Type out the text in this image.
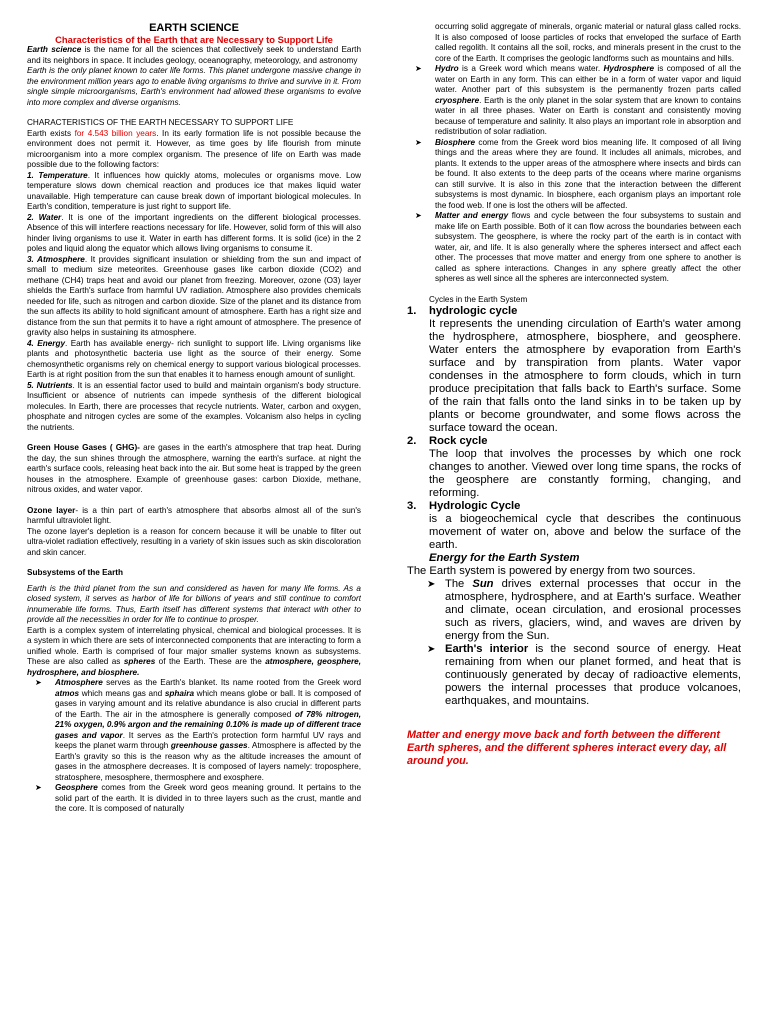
EARTH SCIENCE
Characteristics of the Earth that are Necessary to Support Life

Earth science is the name for all the sciences that collectively seek to understand Earth and its neighbors in space. It includes geology, oceanography, meteorology, and astronomy

Earth is the only planet known to cater life forms. This planet undergone massive change in the environment million years ago to enable living organisms to thrive and survive in it. From single simple microorganisms, Earth's environment had allowed these organisms to evolve into more complex and diverse organisms.

CHARACTERISTICS OF THE EARTH NECESSARY TO SUPPORT LIFE

Earth exists for 4.543 billion years. In its early formation life is not possible because the environment does not permit it. However, as time goes by life flourish from minute microorganism into a more complex organism. The presence of life on Earth was made possible due to the following factors:

1. Temperature. It influences how quickly atoms, molecules or organisms move. Low temperature slows down chemical reaction and produces ice that makes liquid water unavailable. High temperature can cause break down of important biological molecules. In Earth's condition, temperature is just right to support life.

2. Water. It is one of the important ingredients on the different biological processes. Absence of this will interfere reactions necessary for life. However, solid form of this will also hinder living organisms to use it. Water in earth has different forms. It is solid (ice) in the 2 poles and liquid along the equator which allows living organisms to consume it.

3. Atmosphere. It provides significant insulation or shielding from the sun and impact of small to medium size meteorites. Greenhouse gases like carbon dioxide (CO2) and methane (CH4) traps heat and avoid our planet from freezing. Moreover, ozone (O3) layer shields the Earth's surface from harmful UV radiation. Atmosphere also provides chemicals needed for life, such as nitrogen and carbon dioxide. Size of the planet and its distance from the sun affects its ability to hold significant amount of atmosphere. Earth has a right size and distance from the sun that permits it to have a right amount of atmosphere. The presence of gravity also helps in sustaining its atmosphere.

4. Energy. Earth has available energy- rich sunlight to support life. Living organisms like plants and photosynthetic bacteria use light as the source of their energy. Some chemosynthetic organisms rely on chemical energy to support various biological processes. Earth is at right position from the sun that enables it to harness enough amount of sunlight.

5. Nutrients. It is an essential factor used to build and maintain organism's body structure. Insufficient or absence of nutrients can impede synthesis of the different biological molecules. In Earth, there are processes that recycle nutrients. Water, carbon and oxygen, phosphate and nitrogen cycles are some of the examples. Volcanism also helps in cycling the nutrients.

Green House Gases ( GHG)- are gases in the earth's atmosphere that trap heat. During the day, the sun shines through the atmosphere, warning the earth's surface. at night the earth's surface cools, releasing heat back into the air. But some heat is trapped by the green houses in the atmosphere. Example of greenhouse gases: carbon Dioxide, methane, nitrous oxides, and water vapor.

Ozone layer- is a thin part of earth's atmosphere that absorbs almost all of the sun's harmful ultraviolet light.

The ozone layer's depletion is a reason for concern because it will be unable to filter out ultra-violet radiation effectively, resulting in a variety of skin issues such as skin discoloration and skin cancer.

Subsystems of the Earth

Earth is the third planet from the sun and considered as haven for many life forms. As a closed system, it serves as harbor of life for billions of years and still continue to comfort innumerable life forms. Thus, Earth itself has different systems that interact with other to provide all the necessities in order for life to continue to prosper.

Earth is a complex system of interrelating physical, chemical and biological processes. It is a system in which there are sets of interconnected components that are interacting to form a unified whole. Earth is comprised of four major smaller systems known as subsystems. These are also called as spheres of the Earth. These are the atmosphere, geosphere, hydrosphere, and biosphere.

➤ Atmosphere serves as the Earth's blanket. Its name rooted from the Greek word atmos which means gas and sphaira which means globe or ball. It is composed of gases in varying amount and its relative abundance is also crucial in different parts of the Earth. The air in the atmosphere is generally composed of 78% nitrogen, 21% oxygen, 0.9% argon and the remaining 0.10% is made up of different trace gases and vapor. It serves as the Earth's protection form harmful UV rays and keeps the planet warm through greenhouse gasses. Atmosphere is affected by the Earth's gravity so this is the reason why as the altitude increases the amount of gases in the atmosphere decreases. It is composed of layers namely: troposphere, stratosphere, mesosphere, thermosphere and exosphere.

➤ Geosphere comes from the Greek word geos meaning ground. It pertains to the solid part of the earth. It is divided in to three layers such as the crust, mantle and the core. It is composed of naturally

occurring solid aggregate of minerals, organic material or natural glass called rocks. It is also composed of loose particles of rocks that enveloped the surface of Earth called regolith. It contains all the soil, rocks, and minerals present in the crust to the core of the Earth. It comprises the geologic landforms such as mountains and hills.

➤ Hydro is a Greek word which means water. Hydrosphere is composed of all the water on Earth in any form. This can either be in a form of water vapor and liquid water. Another part of this subsystem is the permanently frozen parts called cryosphere. Earth is the only planet in the solar system that are known to contains water in all three phases. Water on Earth is constant and consistently moving because of temperature and salinity. It also plays an important role in absorption and redistribution of solar radiation.

➤ Biosphere come from the Greek word bios meaning life. It composed of all living things and the areas where they are found. It includes all animals, microbes, and plants. It extends to the upper areas of the atmosphere where insects and birds can be found. It also extents to the deep parts of the oceans where marine organisms can still survive. It is also in this zone that the interaction between the different subsystems is most dynamic. In biosphere, each organism plays an important role the food web. If one is lost the others will be affected.

➤ Matter and energy flows and cycle between the four subsystems to sustain and make life on Earth possible. Both of it can flow across the boundaries between each subsystem. The geosphere, is where the rocky part of the earth is in contact with water, air, and life. It is also generally where the spheres intersect and affect each other. The processes that move matter and energy from one sphere to another is called as sphere interactions. Changes in any sphere greatly affect the other spheres as well since all the spheres are interconnected system.

Cycles in the Earth System

1. hydrologic cycle

It represents the unending circulation of Earth's water among the hydrosphere, atmosphere, biosphere, and geosphere. Water enters the atmosphere by evaporation from Earth's surface and by transpiration from plants. Water vapor condenses in the atmosphere to form clouds, which in turn produce precipitation that falls back to Earth's surface. Some of the rain that falls onto the land sinks in to be taken up by plants or become groundwater, and some flows across the surface toward the ocean.

2. Rock cycle

The loop that involves the processes by which one rock changes to another. Viewed over long time spans, the rocks of the geosphere are constantly forming, changing, and reforming.

3. Hydrologic Cycle

is a biogeochemical cycle that describes the continuous movement of water on, above and below the surface of the earth.

Energy for the Earth System

The Earth system is powered by energy from two sources.

➤ The Sun drives external processes that occur in the atmosphere, hydrosphere, and at Earth's surface. Weather and climate, ocean circulation, and erosional processes such as rivers, glaciers, wind, and waves are driven by energy from the Sun.

➤ Earth's interior is the second source of energy. Heat remaining from when our planet formed, and heat that is continuously generated by decay of radioactive elements, powers the internal processes that produce volcanoes, earthquakes, and mountains.

Matter and energy move back and forth between the different Earth spheres, and the different spheres interact every day, all around you.
